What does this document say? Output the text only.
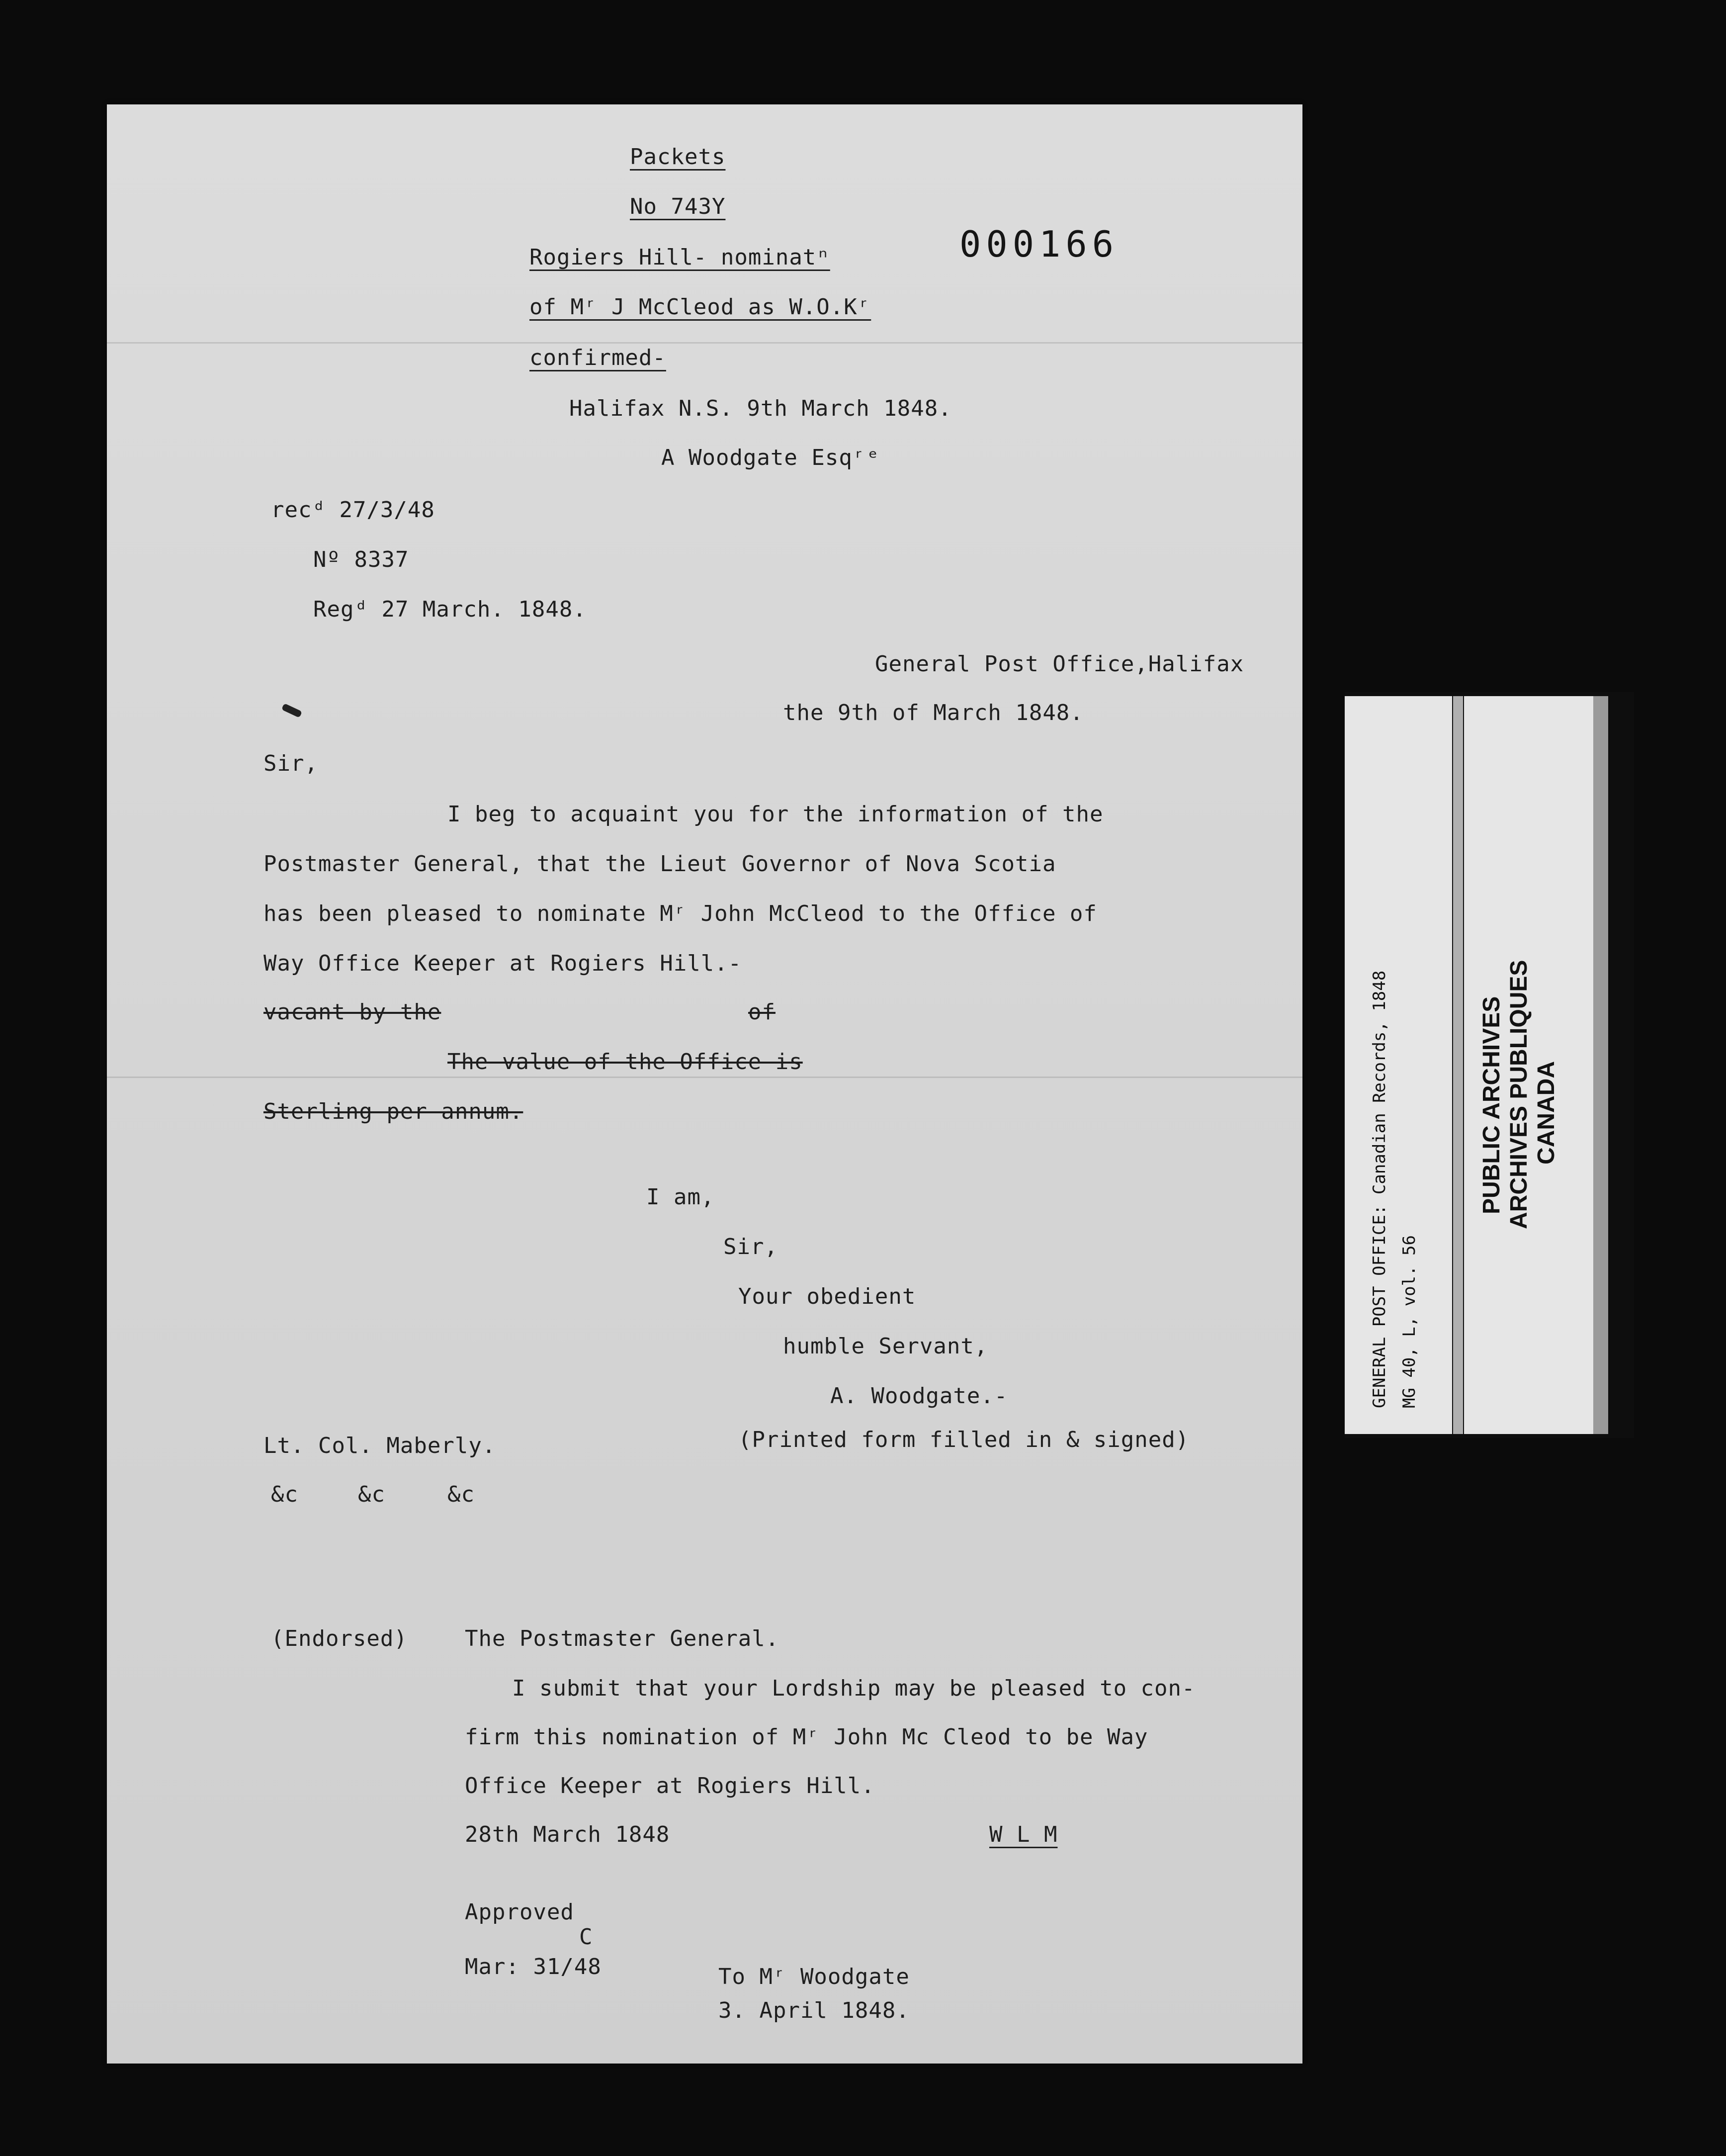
Packets
No 743Y
Rogiers Hill- nominatⁿ	000166
of Mʳ J McCleod as W.O.Kʳ
confirmed-
Halifax N.S. 9th March 1848.
A Woodgate Esqʳᵉ
recᵈ 27/3/48
Nº 8337
Regᵈ 27 March. 1848.
General Post Office,Halifax
the 9th of March 1848.
Sir,
I beg to acquaint you for the information of the
Postmaster General, that the Lieut Governor of Nova Scotia
has been pleased to nominate Mʳ John McCleod to the Office of
Way Office Keeper at Rogiers Hill.-
vacant by the	of
The value of the Office is
Sterling per annum.
I am,
Sir,
Your obedient
humble Servant,
A. Woodgate.-
(Printed form filled in & signed)
Lt. Col. Maberly.
&c	&c	&c
(Endorsed)	The Postmaster General.
I submit that your Lordship may be pleased to con-
firm this nomination of Mʳ John Mc Cleod to be Way
Office Keeper at Rogiers Hill.
28th March 1848	W L M
Approved
C
Mar: 31/48	To Mʳ Woodgate
3. April 1848.
GENERAL POST OFFICE: Canadian Records, 1848 MG 40, L, vol. 56
PUBLIC ARCHIVES ARCHIVES PUBLIQUES CANADA
